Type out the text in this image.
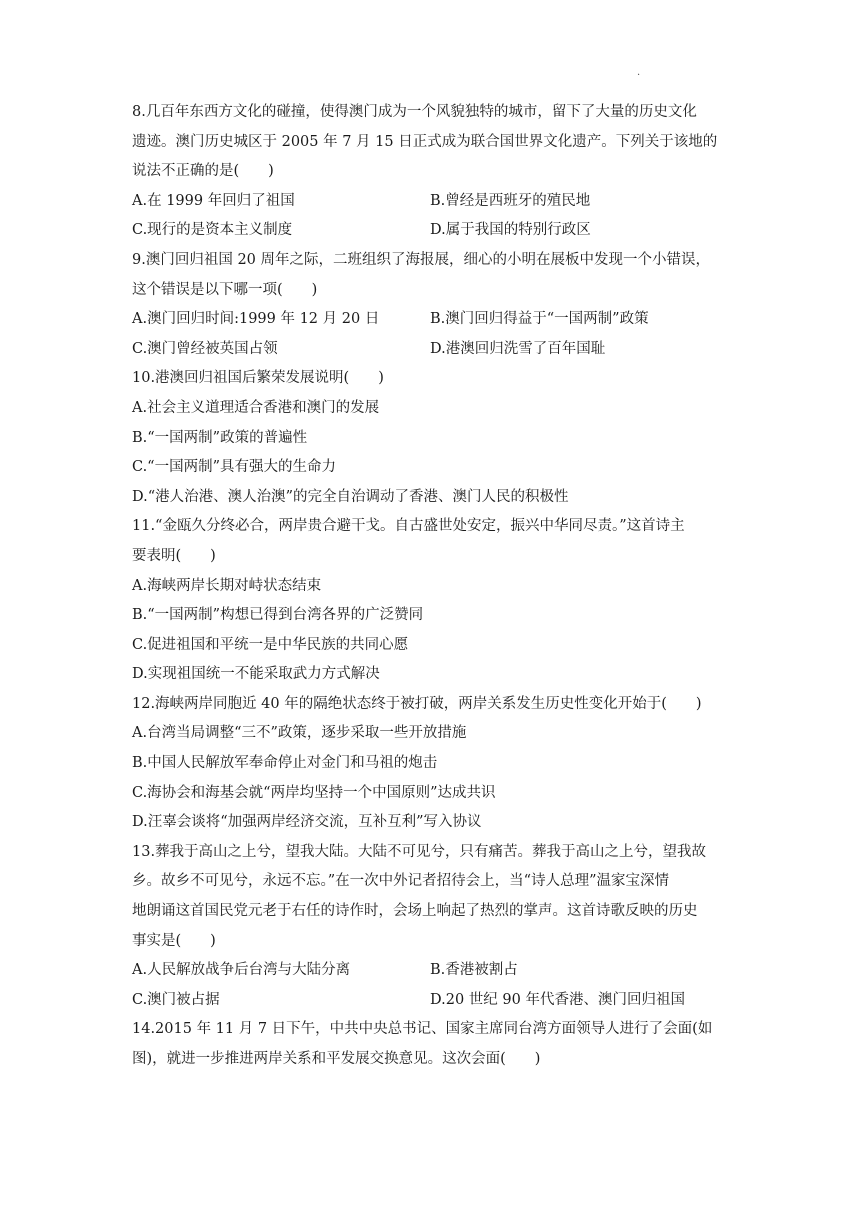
·
8.几百年东西方文化的碰撞，使得澳门成为一个风貌独特的城市，留下了大量的历史文化
遗迹。澳门历史城区于 2005 年 7 月 15 日正式成为联合国世界文化遗产。下列关于该地的
说法不正确的是(　　)
A.在 1999 年回归了祖国	B.曾经是西班牙的殖民地
C.现行的是资本主义制度	D.属于我国的特别行政区
9.澳门回归祖国 20 周年之际，二班组织了海报展，细心的小明在展板中发现一个小错误，
这个错误是以下哪一项(　　)
A.澳门回归时间:1999 年 12 月 20 日	B.澳门回归得益于“一国两制”政策
C.澳门曾经被英国占领	D.港澳回归洗雪了百年国耻
10.港澳回归祖国后繁荣发展说明(　　)
A.社会主义道理适合香港和澳门的发展
B.“一国两制”政策的普遍性
C.“一国两制”具有强大的生命力
D.“港人治港、澳人治澳”的完全自治调动了香港、澳门人民的积极性
11.“金瓯久分终必合，两岸贵合避干戈。自古盛世处安定，振兴中华同尽责。”这首诗主
要表明(　　)
A.海峡两岸长期对峙状态结束
B.“一国两制”构想已得到台湾各界的广泛赞同
C.促进祖国和平统一是中华民族的共同心愿
D.实现祖国统一不能采取武力方式解决
12.海峡两岸同胞近 40 年的隔绝状态终于被打破，两岸关系发生历史性变化开始于(　　)
A.台湾当局调整“三不”政策，逐步采取一些开放措施
B.中国人民解放军奉命停止对金门和马祖的炮击
C.海协会和海基会就“两岸均坚持一个中国原则”达成共识
D.汪辜会谈将“加强两岸经济交流，互补互利”写入协议
13.葬我于高山之上兮，望我大陆。大陆不可见兮，只有痛苦。葬我于高山之上兮，望我故
乡。故乡不可见兮，永远不忘。”在一次中外记者招待会上，当“诗人总理”温家宝深情
地朗诵这首国民党元老于右任的诗作时，会场上响起了热烈的掌声。这首诗歌反映的历史
事实是(　　)
A.人民解放战争后台湾与大陆分离	B.香港被割占
C.澳门被占据	D.20 世纪 90 年代香港、澳门回归祖国
14.2015 年 11 月 7 日下午，中共中央总书记、国家主席同台湾方面领导人进行了会面(如
图)，就进一步推进两岸关系和平发展交换意见。这次会面(　　)
